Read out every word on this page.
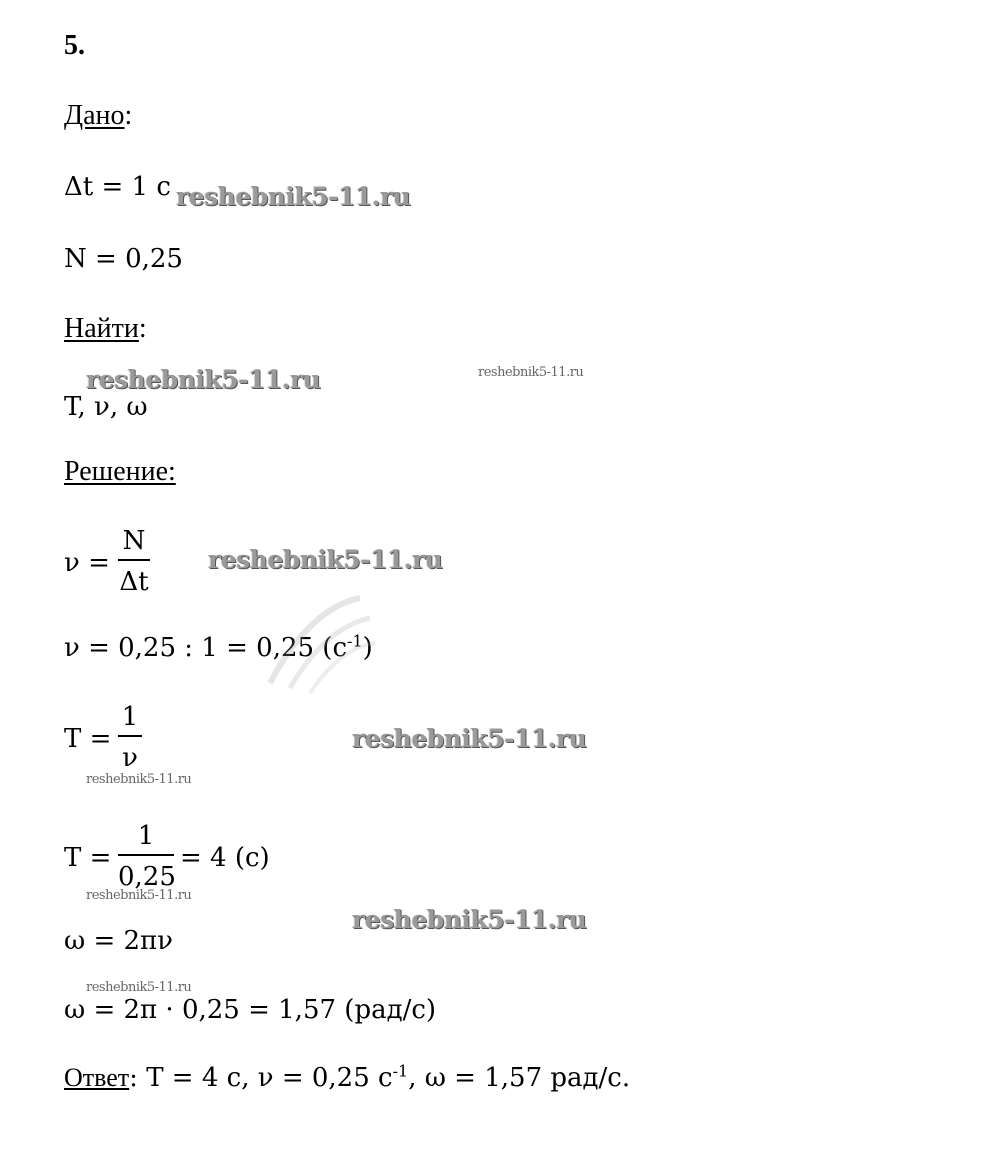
5.
Дано:
Δt = 1 с
N = 0,25
Найти:
T, ν, ω
Решение:
ν =
N
Δt
ν = 0,25 : 1 = 0,25 $(с^{-1})$
T =
1
ν
T =
1
0,25
= 4 (с)
ω = 2πν
ω = 2π · 0,25 = 1,57 (рад/с)
Ответ: T = 4 с, ν = 0,25 $с^{-1}$, ω = 1,57 рад/с.
reshebnik5-11.ru
reshebnik5-11.ru	reshebnik5-11.ru
reshebnik5-11.ru
reshebnik5-11.ru
reshebnik5-11.ru
reshebnik5-11.ru
reshebnik5-11.ru
reshebnik5-11.ru
